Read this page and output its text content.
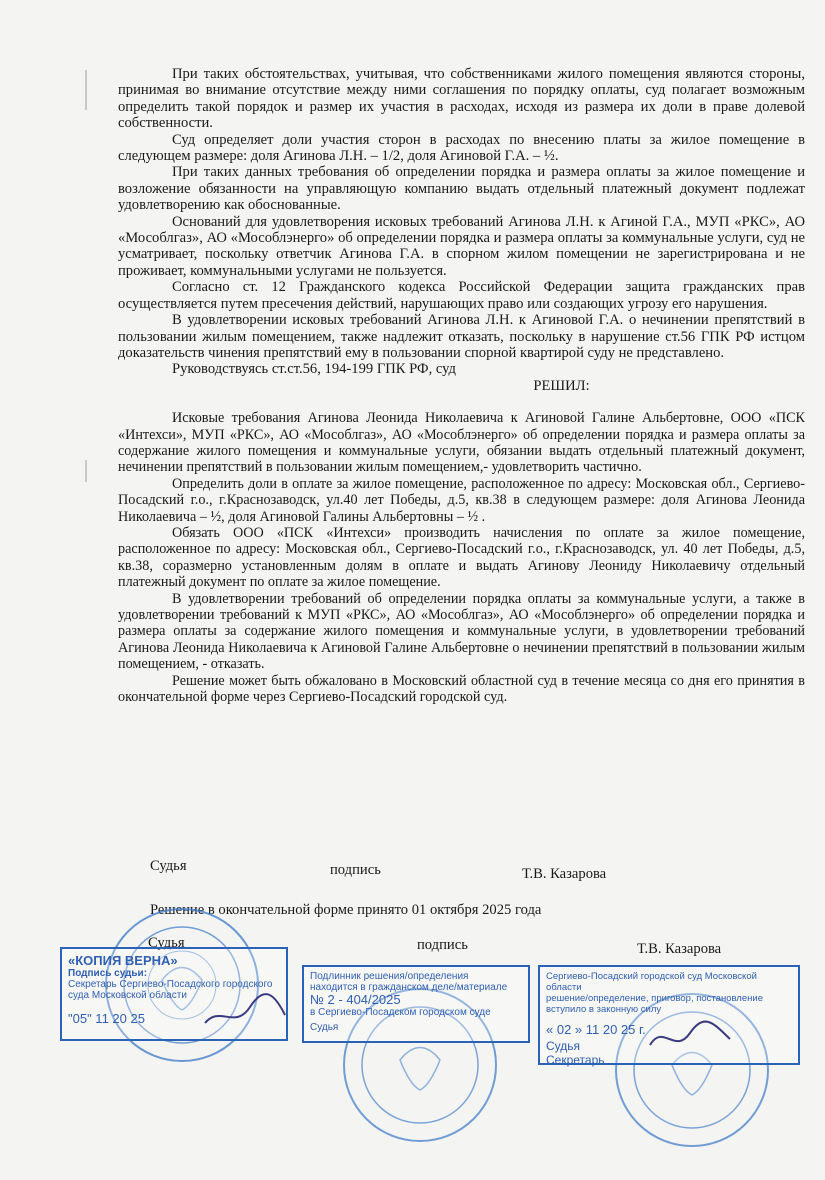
При таких обстоятельствах, учитывая, что собственниками жилого помещения являются стороны, принимая во внимание отсутствие между ними соглашения по порядку оплаты, суд полагает возможным определить такой порядок и размер их участия в расходах, исходя из размера их доли в праве долевой собственности.

Суд определяет доли участия сторон в расходах по внесению платы за жилое помещение в следующем размере: доля Агинова Л.Н. – 1/2, доля Агиновой Г.А. – ½.

При таких данных требования об определении порядка и размера оплаты за жилое помещение и возложение обязанности на управляющую компанию выдать отдельный платежный документ подлежат удовлетворению как обоснованные.

Оснований для удовлетворения исковых требований Агинова Л.Н. к Агиной Г.А., МУП «РКС», АО «Мособлгаз», АО «Мособлэнерго» об определении порядка и размера оплаты за коммунальные услуги, суд не усматривает, поскольку ответчик Агинова Г.А. в спорном жилом помещении не зарегистрирована и не проживает, коммунальными услугами не пользуется.

Согласно ст. 12 Гражданского кодекса Российской Федерации защита гражданских прав осуществляется путем пресечения действий, нарушающих право или создающих угрозу его нарушения.

В удовлетворении исковых требований Агинова Л.Н. к Агиновой Г.А. о нечинении препятствий в пользовании жилым помещением, также надлежит отказать, поскольку в нарушение ст.56 ГПК РФ истцом доказательств чинения препятствий ему в пользовании спорной квартирой суду не представлено.

Руководствуясь ст.ст.56, 194-199 ГПК РФ, суд

РЕШИЛ:

Исковые требования Агинова Леонида Николаевича к Агиновой Галине Альбертовне, ООО «ПСК «Интехси», МУП «РКС», АО «Мособлгаз», АО «Мособлэнерго» об определении порядка и размера оплаты за содержание жилого помещения и коммунальные услуги, обязании выдать отдельный платежный документ, нечинении препятствий в пользовании жилым помещением,- удовлетворить частично.

Определить доли в оплате за жилое помещение, расположенное по адресу: Московская обл., Сергиево-Посадский г.о., г.Краснозаводск, ул.40 лет Победы, д.5, кв.38 в следующем размере: доля Агинова Леонида Николаевича – ½, доля Агиновой Галины Альбертовны – ½ .

Обязать ООО «ПСК «Интехси» производить начисления по оплате за жилое помещение, расположенное по адресу: Московская обл., Сергиево-Посадский г.о., г.Краснозаводск, ул. 40 лет Победы, д.5, кв.38, соразмерно установленным долям в оплате и выдать Агинову Леониду Николаевичу отдельный платежный документ по оплате за жилое помещение.

В удовлетворении требований об определении порядка оплаты за коммунальные услуги, а также в удовлетворении требований к МУП «РКС», АО «Мособлгаз», АО «Мособлэнерго» об определении порядка и размера оплаты за содержание жилого помещения и коммунальные услуги, в удовлетворении требований Агинова Леонида Николаевича к Агиновой Галине Альбертовне о нечинении препятствий в пользовании жилым помещением, - отказать.

Решение может быть обжаловано в Московский областной суд в течение месяца со дня его принятия в окончательной форме через Сергиево-Посадский городской суд.

Судья	подпись	Т.В. Казарова
Решение в окончательной форме принято 01 октября 2025 года
Судья	подпись	Т.В. Казарова
«КОПИЯ ВЕРНА»
Подпись судьи:
Секретарь Сергиево-Посадского городского
суда Московской области
"05" 11 20 25
Подлинник решения/определения
находится в гражданском деле/материале
№ 2 - 404/2025
в Сергиево-Посадском городском суде
Судья
Сергиево-Посадский городской суд Московской области
решение/определение, приговор, постановление
вступило в законную силу
« 02 » 11 20 25 г.
Судья
Секретарь
